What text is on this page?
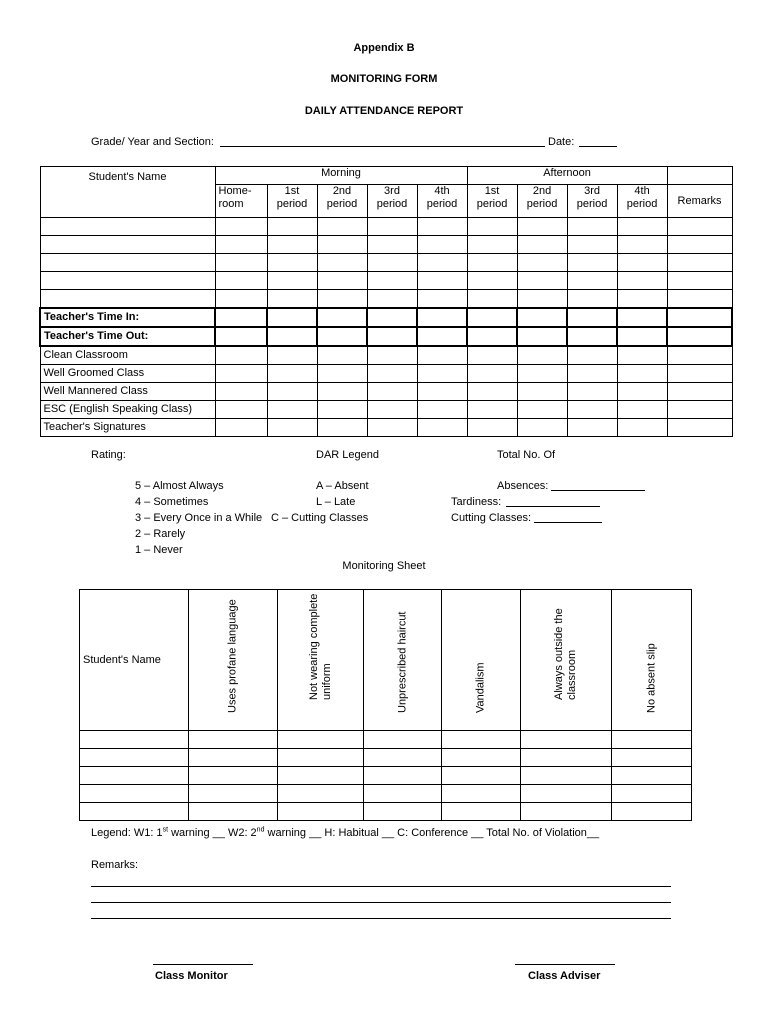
Appendix B
MONITORING FORM
DAILY ATTENDANCE REPORT
Grade/ Year and Section:	Date:
Student's Name	Morning					Afternoon				
	Home-room	1st period	2nd period	3rd period	4th period	1st period	2nd period	3rd period	4th period	Remarks

Teacher's Time In:										
Teacher's Time Out:										
Clean Classroom										
Well Groomed Class										
Well Mannered Class										
ESC (English Speaking Class)										
Teacher's Signatures										
Rating:	DAR Legend	Total No. Of
5 – Almost Always
4 – Sometimes
3 – Every Once in a While
2 – Rarely
1 – Never
A – Absent
L – Late
C – Cutting Classes
Absences:
Tardiness:
Cutting Classes:
Monitoring Sheet
Student's Name	Uses profane language	Not wearing complete uniform	Unprescribed haircut	Vandalism	Always outside the classroom	No absent slip

Legend: W1: 1st warning __ W2: 2nd warning __ H: Habitual __ C: Conference __ Total No. of Violation__
Remarks:
Class Monitor	Class Adviser
